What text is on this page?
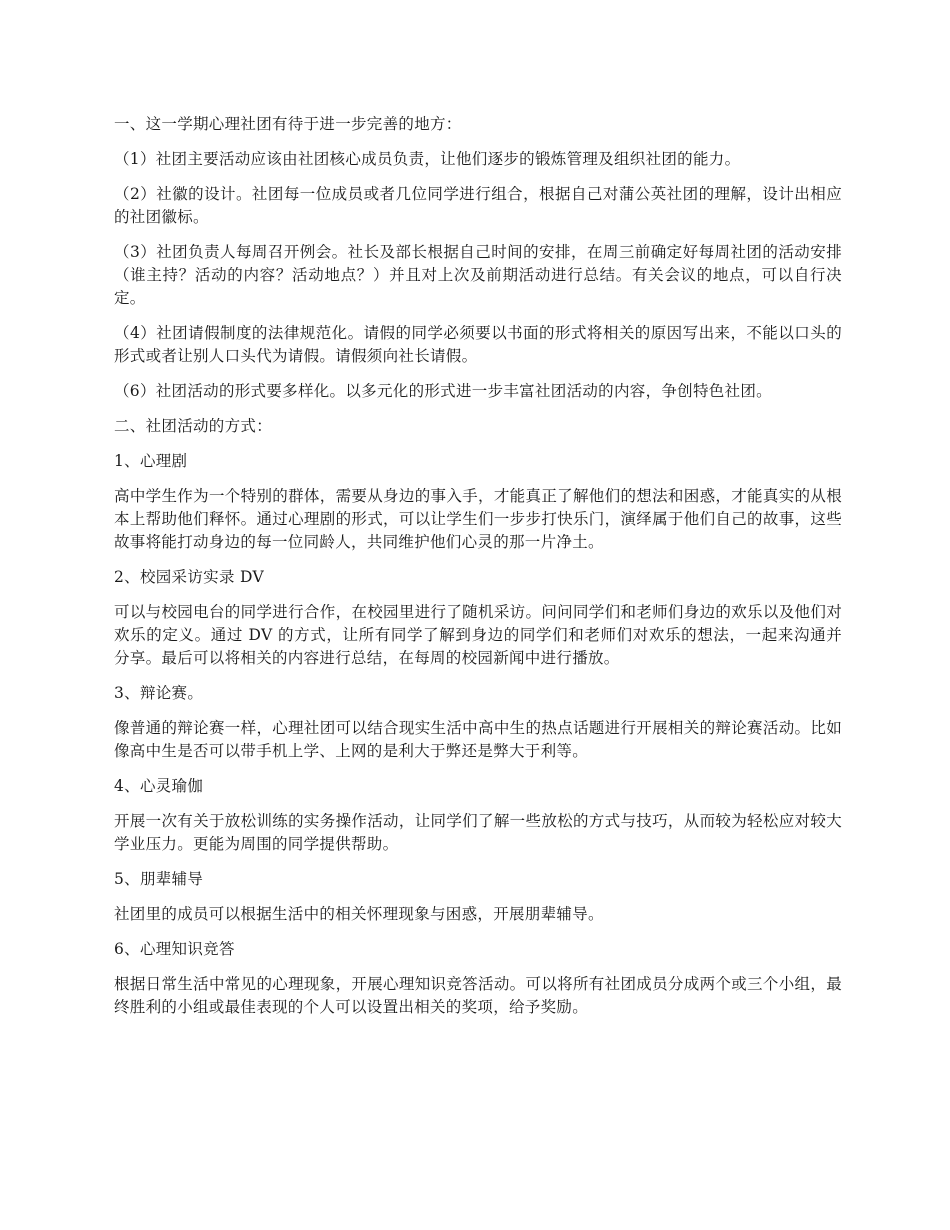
一、这一学期心理社团有待于进一步完善的地方：

（1）社团主要活动应该由社团核心成员负责，让他们逐步的锻炼管理及组织社团的能力。

（2）社徽的设计。社团每一位成员或者几位同学进行组合，根据自己对蒲公英社团的理解，设计出相应的社团徽标。

（3）社团负责人每周召开例会。社长及部长根据自己时间的安排，在周三前确定好每周社团的活动安排（谁主持？活动的内容？活动地点？）并且对上次及前期活动进行总结。有关会议的地点，可以自行决定。

（4）社团请假制度的法律规范化。请假的同学必须要以书面的形式将相关的原因写出来，不能以口头的形式或者让别人口头代为请假。请假须向社长请假。

（6）社团活动的形式要多样化。以多元化的形式进一步丰富社团活动的内容，争创特色社团。

二、社团活动的方式：

1、心理剧

高中学生作为一个特别的群体，需要从身边的事入手，才能真正了解他们的想法和困惑，才能真实的从根本上帮助他们释怀。通过心理剧的形式，可以让学生们一步步打快乐门，演绎属于他们自己的故事，这些故事将能打动身边的每一位同龄人，共同维护他们心灵的那一片净土。

2、校园采访实录 DV

可以与校园电台的同学进行合作，在校园里进行了随机采访。问问同学们和老师们身边的欢乐以及他们对欢乐的定义。通过 DV 的方式，让所有同学了解到身边的同学们和老师们对欢乐的想法，一起来沟通并分享。最后可以将相关的内容进行总结，在每周的校园新闻中进行播放。

3、辩论赛。

像普通的辩论赛一样，心理社团可以结合现实生活中高中生的热点话题进行开展相关的辩论赛活动。比如像高中生是否可以带手机上学、上网的是利大于弊还是弊大于利等。

4、心灵瑜伽

开展一次有关于放松训练的实务操作活动，让同学们了解一些放松的方式与技巧，从而较为轻松应对较大学业压力。更能为周围的同学提供帮助。

5、朋辈辅导

社团里的成员可以根据生活中的相关怀理现象与困惑，开展朋辈辅导。

6、心理知识竞答

根据日常生活中常见的心理现象，开展心理知识竞答活动。可以将所有社团成员分成两个或三个小组，最终胜利的小组或最佳表现的个人可以设置出相关的奖项，给予奖励。
